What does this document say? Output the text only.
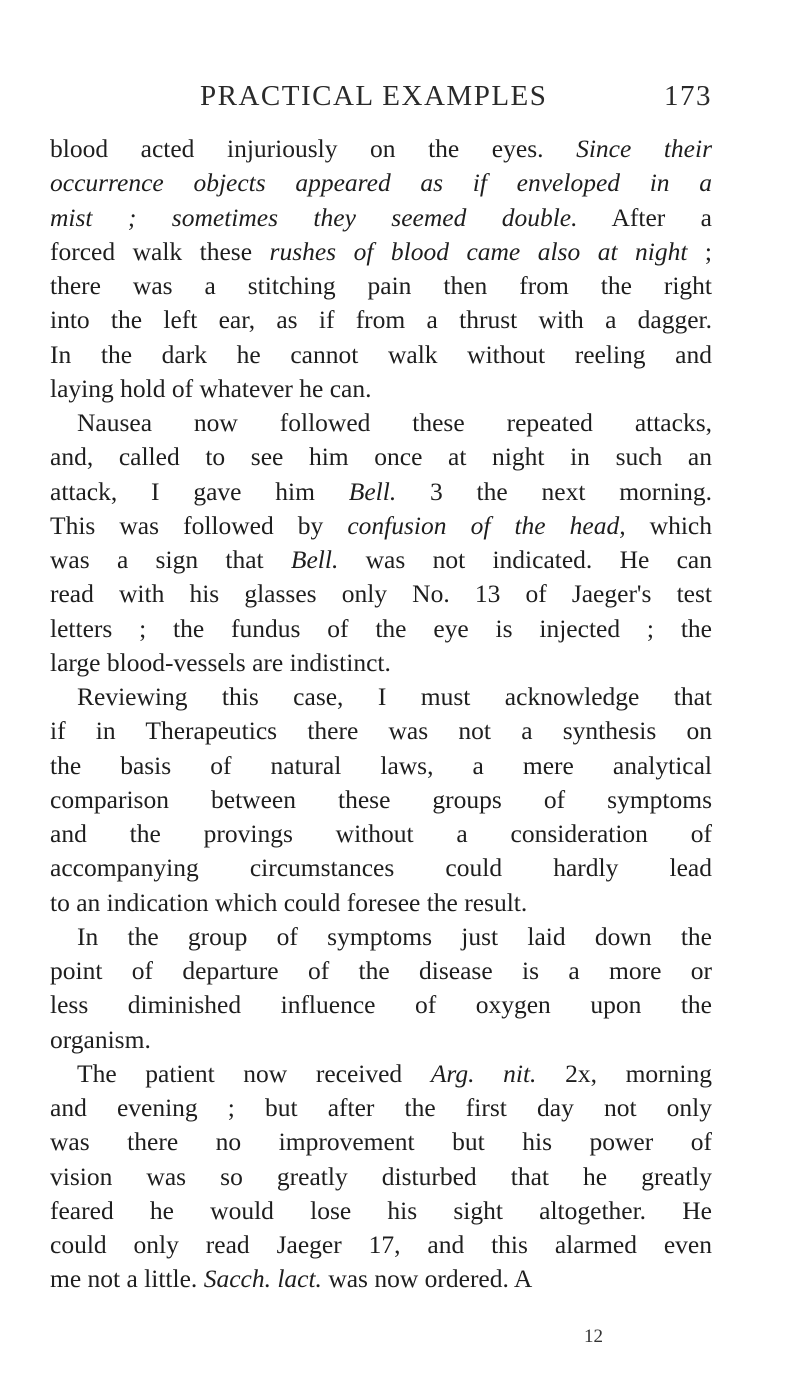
PRACTICAL EXAMPLES	173
blood acted injuriously on the eyes. Since their
occurrence objects appeared as if enveloped in a
mist ; sometimes they seemed double. After a
forced walk these rushes of blood came also at night ;
there was a stitching pain then from the right
into the left ear, as if from a thrust with a dagger.
In the dark he cannot walk without reeling and
laying hold of whatever he can.
Nausea now followed these repeated attacks,
and, called to see him once at night in such an
attack, I gave him Bell. 3 the next morning.
This was followed by confusion of the head, which
was a sign that Bell. was not indicated. He can
read with his glasses only No. 13 of Jaeger's test
letters ; the fundus of the eye is injected ; the
large blood-vessels are indistinct.
Reviewing this case, I must acknowledge that
if in Therapeutics there was not a synthesis on
the basis of natural laws, a mere analytical
comparison between these groups of symptoms
and the provings without a consideration of
accompanying circumstances could hardly lead
to an indication which could foresee the result.
In the group of symptoms just laid down the
point of departure of the disease is a more or
less diminished influence of oxygen upon the
organism.
The patient now received Arg. nit. 2x, morning
and evening ; but after the first day not only
was there no improvement but his power of
vision was so greatly disturbed that he greatly
feared he would lose his sight altogether. He
could only read Jaeger 17, and this alarmed even
me not a little. Sacch. lact. was now ordered. A
12
